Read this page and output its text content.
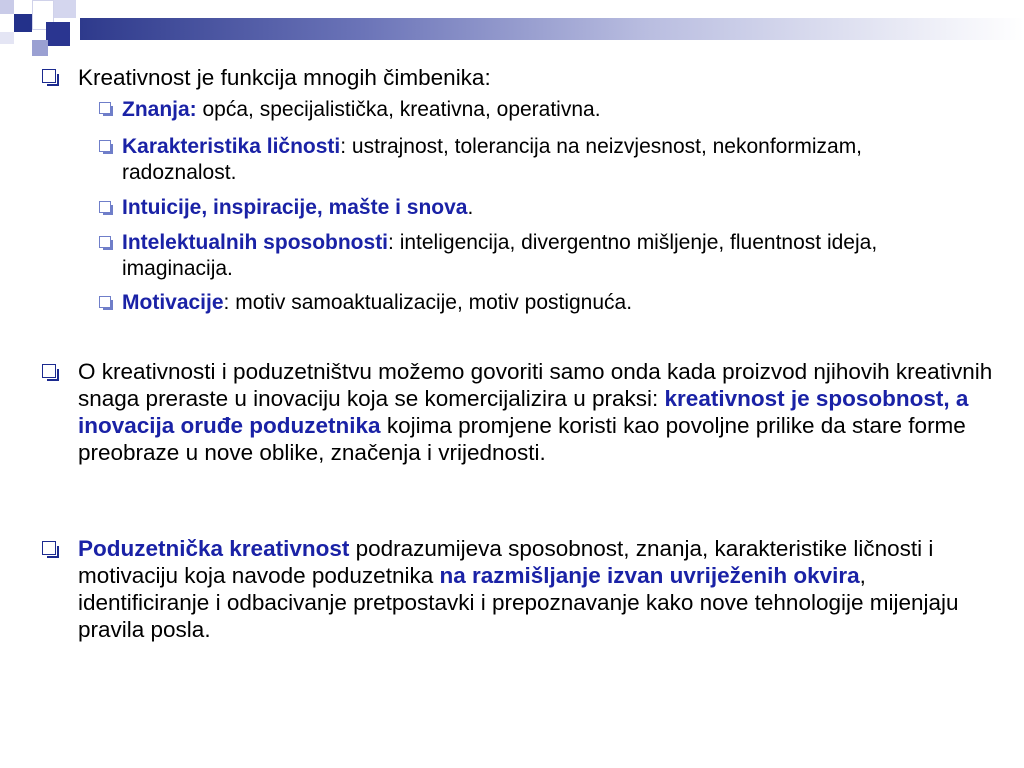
Kreativnost je funkcija mnogih čimbenika:
Znanja: opća, specijalistička, kreativna, operativna.
Karakteristika ličnosti: ustrajnost, tolerancija na neizvjesnost, nekonformizam, radoznalost.
Intuicije, inspiracije, mašte i snova.
Intelektualnih sposobnosti: inteligencija, divergentno mišljenje, fluentnost ideja, imaginacija.
Motivacije: motiv samoaktualizacije, motiv postignuća.
O kreativnosti i poduzetništvu možemo govoriti samo onda kada proizvod njihovih kreativnih snaga preraste u inovaciju koja se komercijalizira u praksi: kreativnost je sposobnost, a inovacija oruđe poduzetnika kojima promjene koristi kao povoljne prilike da stare forme preobraze u nove oblike, značenja i vrijednosti.
Poduzetnička kreativnost podrazumijeva sposobnost, znanja, karakteristike ličnosti i motivaciju koja navode poduzetnika na razmišljanje izvan uvriježenih okvira, identificiranje i odbacivanje pretpostavki i prepoznavanje kako nove tehnologije mijenjaju pravila posla.
